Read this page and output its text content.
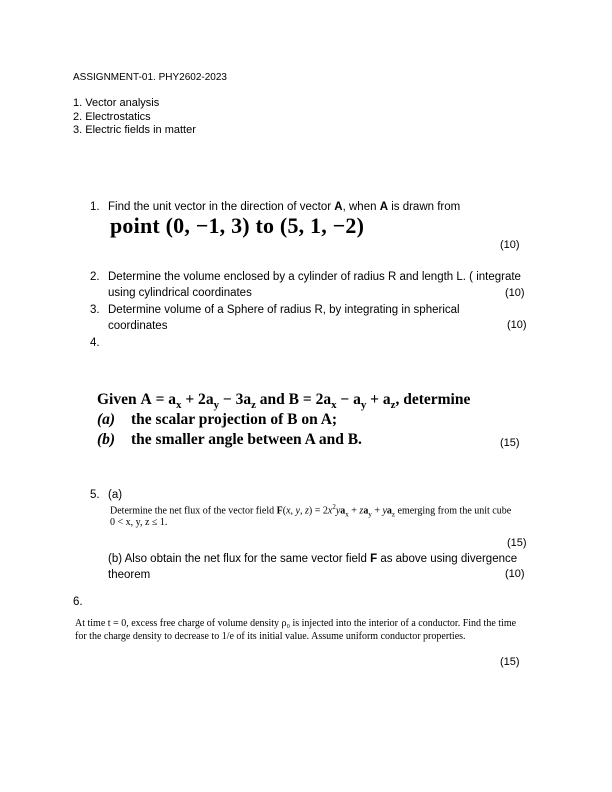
ASSIGNMENT-01. PHY2602-2023
1. Vector analysis
2. Electrostatics
3. Electric fields in matter
1. Find the unit vector in the direction of vector A, when A is drawn from
point (0, −1, 3) to (5, 1, −2)
(10)
2. Determine the volume enclosed by a cylinder of radius R and length L. ( integrate
using cylindrical coordinates	(10)
3. Determine volume of a Sphere of radius R, by integrating in spherical
coordinates	(10)
4.
Given $A = a_x + 2a_y - 3a_z$ and $B = 2a_x - a_y + a_z$, determine
(a) the scalar projection of B on A;
(b) the smaller angle between A and B.	(15)
5. (a)
Determine the net flux of the vector field F(x, y, $z) = 2x^2ya_x + za_y + ya_z$ emerging from the unit cube
0 < x, y, z ≤ 1.
(15)
(b) Also obtain the net flux for the same vector field F as above using divergence
theorem	(10)
6.
At time t = 0, excess free charge of volume density ρ₀ is injected into the interior of a conductor. Find the time
for the charge density to decrease to 1/e of its initial value. Assume uniform conductor properties.
(15)
